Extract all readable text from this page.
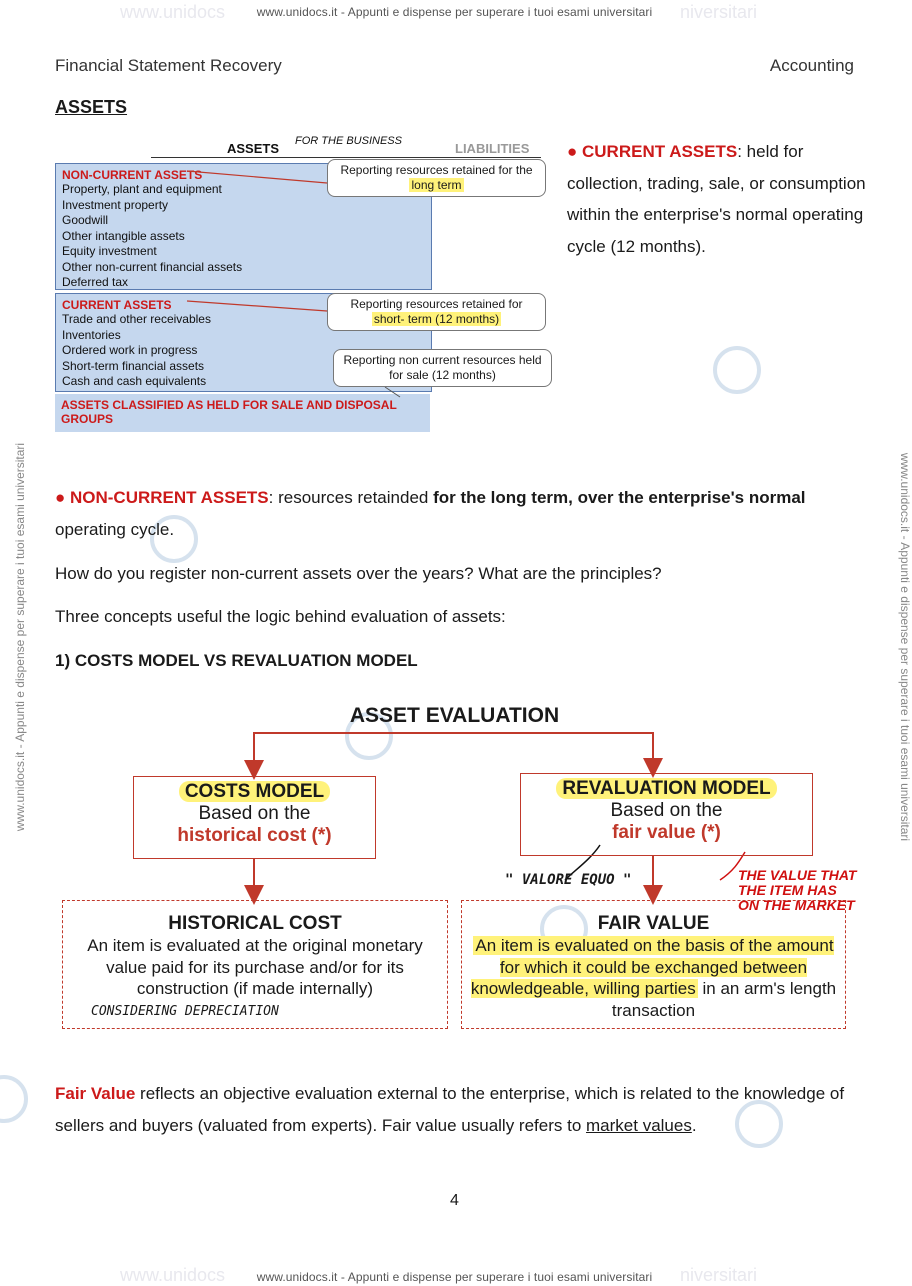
www.unidocs	niversitari
www.unidocs.it - Appunti e dispense per superare i tuoi esami universitari
www.unidocs	niversitari
www.unidocs.it - Appunti e dispense per superare i tuoi esami universitari
www.unidocs.it - Appunti e dispense per superare i tuoi esami universitari	www.unidocs.it - Appunti e dispense per superare i tuoi esami universitari
Financial Statement Recovery	Accounting
ASSETS
ASSETS FOR THE BUSINESS	LIABILITIES
NON-CURRENT ASSETS
Property, plant and equipment
Investment property
Goodwill
Other intangible assets
Equity investment
Other non-current financial assets
Deferred tax
CURRENT ASSETS
Trade and other receivables
Inventories
Ordered work in progress
Short-term financial assets
Cash and cash equivalents
ASSETS CLASSIFIED AS HELD FOR SALE AND DISPOSAL GROUPS
Reporting resources retained for the
long term
Reporting resources retained for
short- term (12 months)
Reporting non current resources held for sale (12 months)
● CURRENT ASSETS: held for collection, trading, sale, or consumption within the enterprise's normal operating cycle (12 months).
● NON-CURRENT ASSETS: resources retainded for the long term, over the enterprise's normal operating cycle.
How do you register non-current assets over the years? What are the principles?
Three concepts useful the logic behind evaluation of assets:
1) COSTS MODEL VS REVALUATION MODEL
ASSET EVALUATION
COSTS MODEL
Based on the
historical cost (*)
REVALUATION MODEL
Based on the
fair value (*)
" VALORE EQUO "	THE VALUE THAT THE ITEM HAS ON THE MARKET
HISTORICAL COST
An item is evaluated at the original monetary value paid for its purchase and/or for its construction (if made internally)
CONSIDERING DEPRECIATION
FAIR VALUE
An item is evaluated on the basis of the amount for which it could be exchanged between knowledgeable, willing parties in an arm's length transaction
Fair Value reflects an objective evaluation external to the enterprise, which is related to the knowledge of sellers and buyers (valuated from experts). Fair value usually refers to market values.
4
